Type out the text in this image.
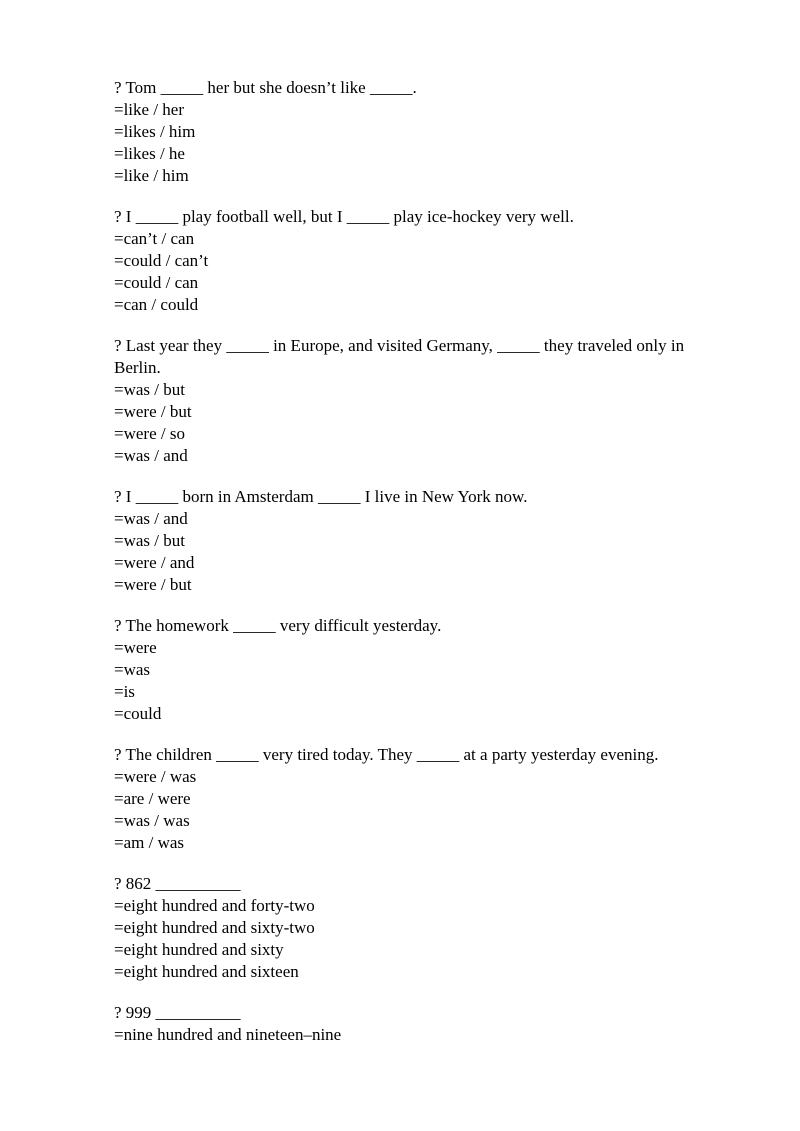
? Tom _____ her but she doesn’t like _____.
=like / her
=likes / him
=likes / he
=like / him
? I _____ play football well, but I _____ play ice-hockey very well.
=can’t / can
=could / can’t
=could / can
=can / could
? Last year they _____ in Europe, and visited Germany, _____ they traveled only in Berlin.
=was / but
=were / but
=were / so
=was / and
? I _____ born in Amsterdam _____ I live in New York now.
=was / and
=was / but
=were / and
=were / but
? The homework _____ very difficult yesterday.
=were
=was
=is
=could
? The children _____ very tired today. They _____ at a party yesterday evening.
=were / was
=are / were
=was / was
=am / was
? 862 __________
=eight hundred and forty-two
=eight hundred and sixty-two
=eight hundred and sixty
=eight hundred and sixteen
? 999 __________
=nine hundred and nineteen–nine
